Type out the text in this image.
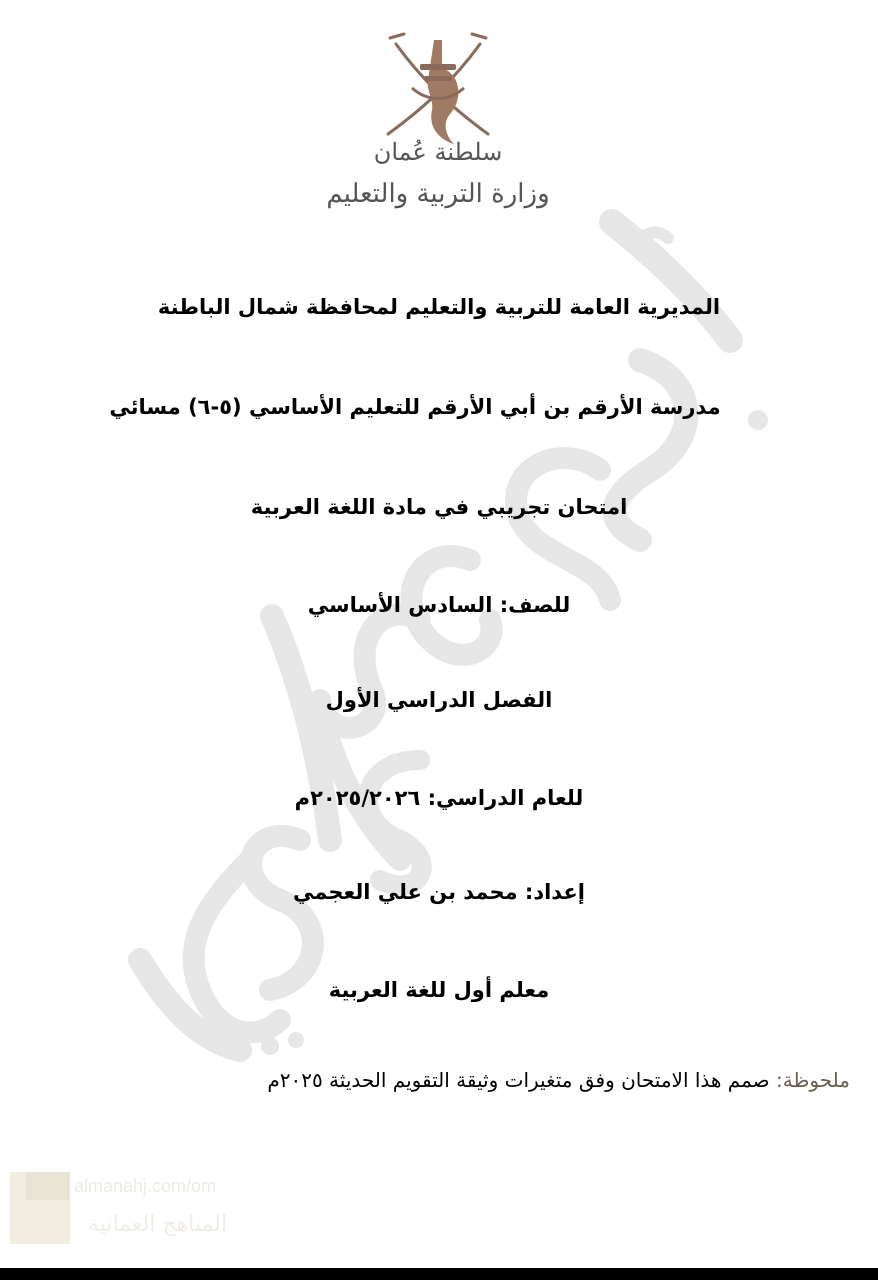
سلطنة عُمان
وزارة التربية والتعليم
المديرية العامة للتربية والتعليم لمحافظة شمال الباطنة
مدرسة الأرقم بن أبي الأرقم للتعليم الأساسي (٥-٦) مسائي
امتحان تجريبي في مادة اللغة العربية
للصف: السادس الأساسي
الفصل الدراسي الأول
للعام الدراسي: ٢٠٢٥/٢٠٢٦م
إعداد: محمد بن علي العجمي
معلم أول للغة العربية
ملحوظة: صمم هذا الامتحان وفق متغيرات وثيقة التقويم الحديثة ٢٠٢٥م
almanahj.com/om
المناهج العمانية
